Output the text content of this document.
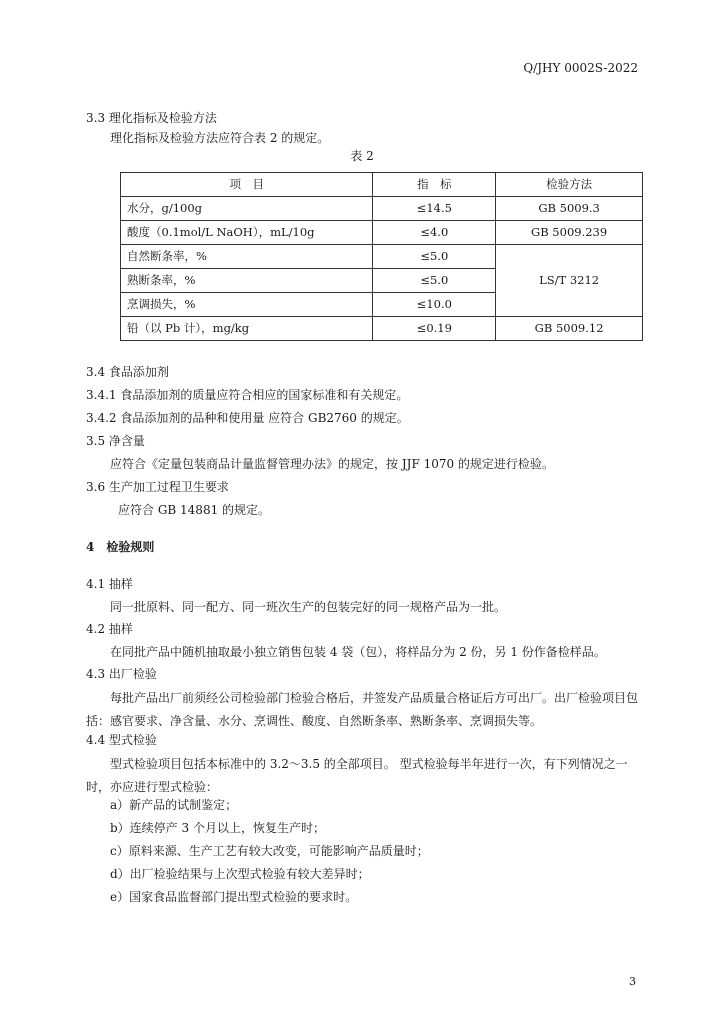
Q/JHY 0002S-2022
3.3 理化指标及检验方法
理化指标及检验方法应符合表 2 的规定。
表 2
项　目	指　标	检验方法
水分，g/100g	≤14.5	GB 5009.3
酸度（0.1mol/L NaOH），mL/10g	≤4.0	GB 5009.239
自然断条率，%	≤5.0	LS/T 3212
熟断条率，%	≤5.0	
烹调损失，%	≤10.0	
铅（以 Pb 计），mg/kg	≤0.19	GB 5009.12
3.4 食品添加剂
3.4.1 食品添加剂的质量应符合相应的国家标准和有关规定。
3.4.2 食品添加剂的品种和使用量 应符合 GB2760 的规定。
3.5 净含量
应符合《定量包装商品计量监督管理办法》的规定，按 JJF 1070 的规定进行检验。
3.6 生产加工过程卫生要求
应符合 GB 14881 的规定。
4　检验规则
4.1 抽样
同一批原料、同一配方、同一班次生产的包装完好的同一规格产品为一批。
4.2 抽样
在同批产品中随机抽取最小独立销售包装 4 袋（包），将样品分为 2 份，另 1 份作备检样品。
4.3 出厂检验
每批产品出厂前须经公司检验部门检验合格后，并签发产品质量合格证后方可出厂。出厂检验项目包括：感官要求、净含量、水分、烹调性、酸度、自然断条率、熟断条率、烹调损失等。
4.4 型式检验
型式检验项目包括本标准中的 3.2～3.5 的全部项目。 型式检验每半年进行一次，有下列情况之一时，亦应进行型式检验：
a）新产品的试制鉴定；
b）连续停产 3 个月以上，恢复生产时；
c）原料来源、生产工艺有较大改变，可能影响产品质量时；
d）出厂检验结果与上次型式检验有较大差异时；
e）国家食品监督部门提出型式检验的要求时。
3
